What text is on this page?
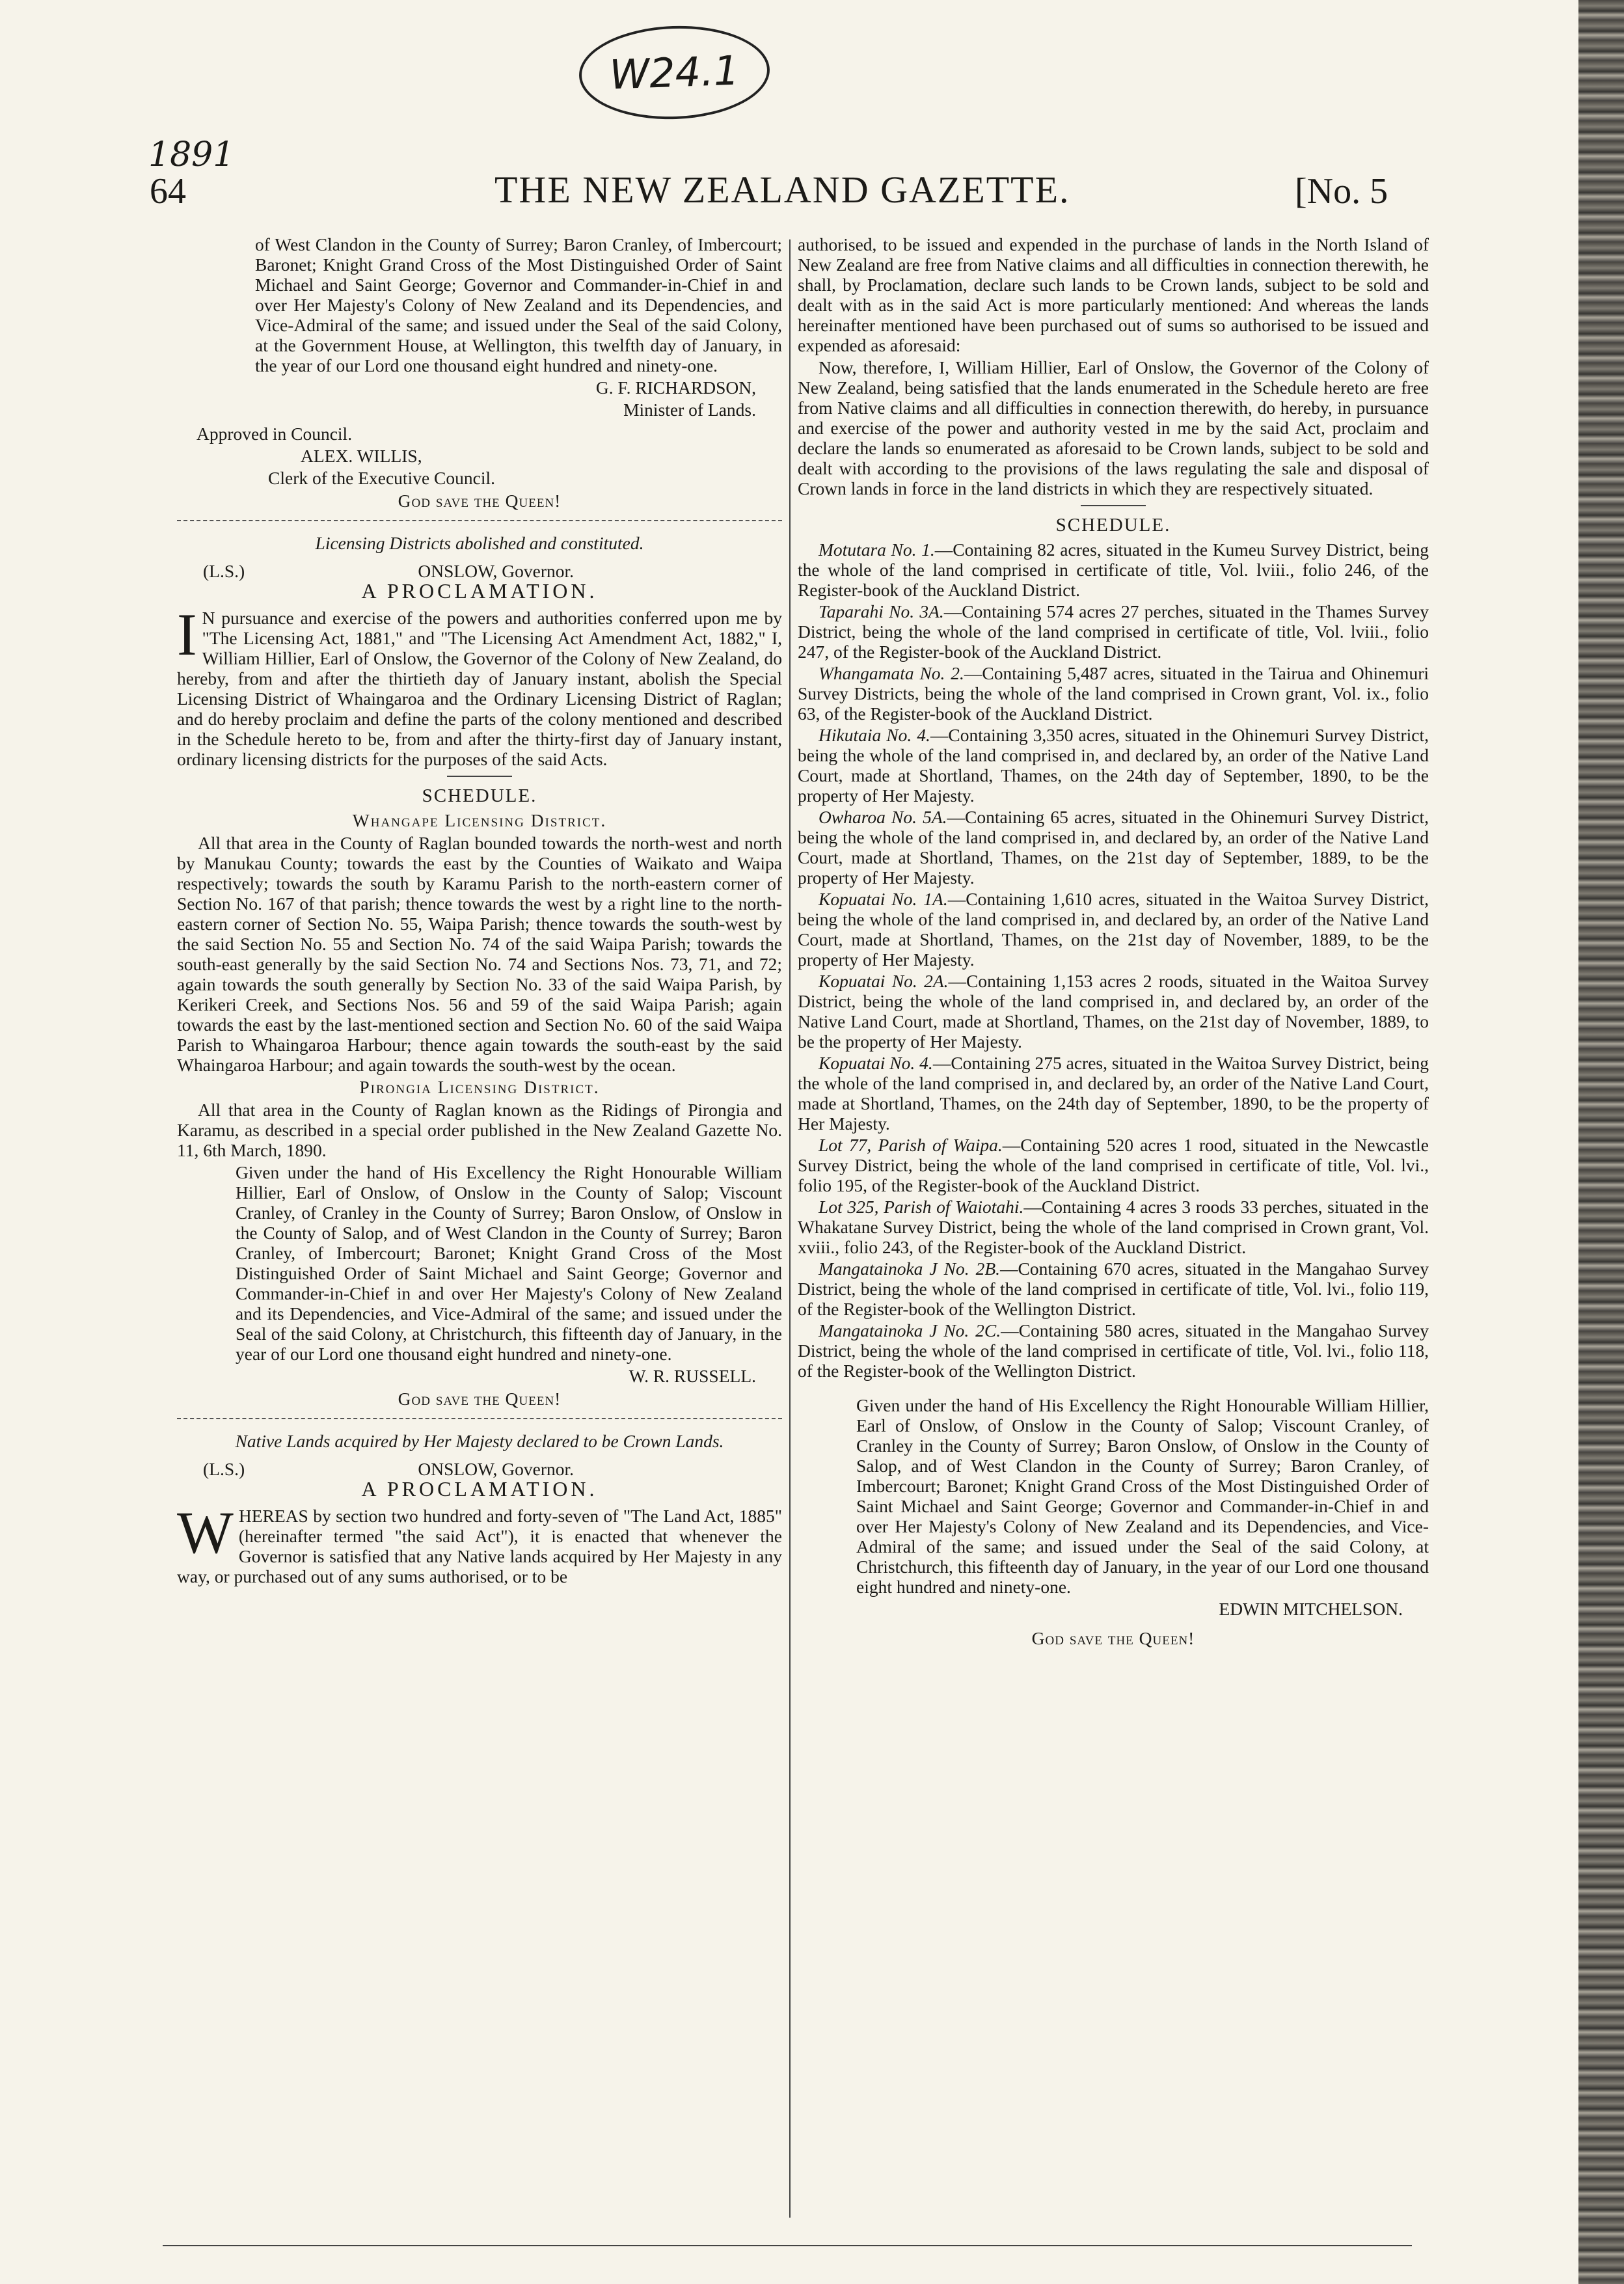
W24.1
1891
64	THE NEW ZEALAND GAZETTE.	[No. 5

of West Clandon in the County of Surrey; Baron Cranley, of Imbercourt; Baronet; Knight Grand Cross of the Most Distinguished Order of Saint Michael and Saint George; Governor and Commander-in-Chief in and over Her Majesty's Colony of New Zealand and its Dependencies, and Vice-Admiral of the same; and issued under the Seal of the said Colony, at the Government House, at Wellington, this twelfth day of January, in the year of our Lord one thousand eight hundred and ninety-one.

G. F. RICHARDSON,

Minister of Lands.

Approved in Council.

ALEX. WILLIS,

Clerk of the Executive Council.

God save the Queen!

Licensing Districts abolished and constituted.

(L.S.)	ONSLOW, Governor.

A PROCLAMATION.

I N pursuance and exercise of the powers and authorities conferred upon me by "The Licensing Act, 1881," and "The Licensing Act Amendment Act, 1882," I, William Hillier, Earl of Onslow, the Governor of the Colony of New Zealand, do hereby, from and after the thirtieth day of January instant, abolish the Special Licensing District of Whaingaroa and the Ordinary Licensing District of Raglan; and do hereby proclaim and define the parts of the colony mentioned and described in the Schedule hereto to be, from and after the thirty-first day of January instant, ordinary licensing districts for the purposes of the said Acts.

SCHEDULE.

Whangape Licensing District.

All that area in the County of Raglan bounded towards the north-west and north by Manukau County; towards the east by the Counties of Waikato and Waipa respectively; towards the south by Karamu Parish to the north-eastern corner of Section No. 167 of that parish; thence towards the west by a right line to the north-eastern corner of Section No. 55, Waipa Parish; thence towards the south-west by the said Section No. 55 and Section No. 74 of the said Waipa Parish; towards the south-east generally by the said Section No. 74 and Sections Nos. 73, 71, and 72; again towards the south generally by Section No. 33 of the said Waipa Parish, by Kerikeri Creek, and Sections Nos. 56 and 59 of the said Waipa Parish; again towards the east by the last-mentioned section and Section No. 60 of the said Waipa Parish to Whaingaroa Harbour; thence again towards the south-east by the said Whaingaroa Harbour; and again towards the south-west by the ocean.

Pirongia Licensing District.

All that area in the County of Raglan known as the Ridings of Pirongia and Karamu, as described in a special order published in the New Zealand Gazette No. 11, 6th March, 1890.

Given under the hand of His Excellency the Right Honourable William Hillier, Earl of Onslow, of Onslow in the County of Salop; Viscount Cranley, of Cranley in the County of Surrey; Baron Onslow, of Onslow in the County of Salop, and of West Clandon in the County of Surrey; Baron Cranley, of Imbercourt; Baronet; Knight Grand Cross of the Most Distinguished Order of Saint Michael and Saint George; Governor and Commander-in-Chief in and over Her Majesty's Colony of New Zealand and its Dependencies, and Vice-Admiral of the same; and issued under the Seal of the said Colony, at Christchurch, this fifteenth day of January, in the year of our Lord one thousand eight hundred and ninety-one.

W. R. RUSSELL.

God save the Queen!

Native Lands acquired by Her Majesty declared to be Crown Lands.

(L.S.)	ONSLOW, Governor.

A PROCLAMATION.

WHEREAS by section two hundred and forty-seven of "The Land Act, 1885" (hereinafter termed "the said Act"), it is enacted that whenever the Governor is satisfied that any Native lands acquired by Her Majesty in any way, or purchased out of any sums authorised, or to be

authorised, to be issued and expended in the purchase of lands in the North Island of New Zealand are free from Native claims and all difficulties in connection therewith, he shall, by Proclamation, declare such lands to be Crown lands, subject to be sold and dealt with as in the said Act is more particularly mentioned: And whereas the lands hereinafter mentioned have been purchased out of sums so authorised to be issued and expended as aforesaid:

Now, therefore, I, William Hillier, Earl of Onslow, the Governor of the Colony of New Zealand, being satisfied that the lands enumerated in the Schedule hereto are free from Native claims and all difficulties in connection therewith, do hereby, in pursuance and exercise of the power and authority vested in me by the said Act, proclaim and declare the lands so enumerated as aforesaid to be Crown lands, subject to be sold and dealt with according to the provisions of the laws regulating the sale and disposal of Crown lands in force in the land districts in which they are respectively situated.

SCHEDULE.

Motutara No. 1.—Containing 82 acres, situated in the Kumeu Survey District, being the whole of the land comprised in certificate of title, Vol. lviii., folio 246, of the Register-book of the Auckland District.

Taparahi No. 3A.—Containing 574 acres 27 perches, situated in the Thames Survey District, being the whole of the land comprised in certificate of title, Vol. lviii., folio 247, of the Register-book of the Auckland District.

Whangamata No. 2.—Containing 5,487 acres, situated in the Tairua and Ohinemuri Survey Districts, being the whole of the land comprised in Crown grant, Vol. ix., folio 63, of the Register-book of the Auckland District.

Hikutaia No. 4.—Containing 3,350 acres, situated in the Ohinemuri Survey District, being the whole of the land comprised in, and declared by, an order of the Native Land Court, made at Shortland, Thames, on the 24th day of September, 1890, to be the property of Her Majesty.

Owharoa No. 5A.—Containing 65 acres, situated in the Ohinemuri Survey District, being the whole of the land comprised in, and declared by, an order of the Native Land Court, made at Shortland, Thames, on the 21st day of September, 1889, to be the property of Her Majesty.

Kopuatai No. 1A.—Containing 1,610 acres, situated in the Waitoa Survey District, being the whole of the land comprised in, and declared by, an order of the Native Land Court, made at Shortland, Thames, on the 21st day of November, 1889, to be the property of Her Majesty.

Kopuatai No. 2A.—Containing 1,153 acres 2 roods, situated in the Waitoa Survey District, being the whole of the land comprised in, and declared by, an order of the Native Land Court, made at Shortland, Thames, on the 21st day of November, 1889, to be the property of Her Majesty.

Kopuatai No. 4.—Containing 275 acres, situated in the Waitoa Survey District, being the whole of the land comprised in, and declared by, an order of the Native Land Court, made at Shortland, Thames, on the 24th day of September, 1890, to be the property of Her Majesty.

Lot 77, Parish of Waipa.—Containing 520 acres 1 rood, situated in the Newcastle Survey District, being the whole of the land comprised in certificate of title, Vol. lvi., folio 195, of the Register-book of the Auckland District.

Lot 325, Parish of Waiotahi.—Containing 4 acres 3 roods 33 perches, situated in the Whakatane Survey District, being the whole of the land comprised in Crown grant, Vol. xviii., folio 243, of the Register-book of the Auckland District.

Mangatainoka J No. 2B.—Containing 670 acres, situated in the Mangahao Survey District, being the whole of the land comprised in certificate of title, Vol. lvi., folio 119, of the Register-book of the Wellington District.

Mangatainoka J No. 2C.—Containing 580 acres, situated in the Mangahao Survey District, being the whole of the land comprised in certificate of title, Vol. lvi., folio 118, of the Register-book of the Wellington District.

Given under the hand of His Excellency the Right Honourable William Hillier, Earl of Onslow, of Onslow in the County of Salop; Viscount Cranley, of Cranley in the County of Surrey; Baron Onslow, of Onslow in the County of Salop, and of West Clandon in the County of Surrey; Baron Cranley, of Imbercourt; Baronet; Knight Grand Cross of the Most Distinguished Order of Saint Michael and Saint George; Governor and Commander-in-Chief in and over Her Majesty's Colony of New Zealand and its Dependencies, and Vice-Admiral of the same; and issued under the Seal of the said Colony, at Christchurch, this fifteenth day of January, in the year of our Lord one thousand eight hundred and ninety-one.

EDWIN MITCHELSON.

God save the Queen!
